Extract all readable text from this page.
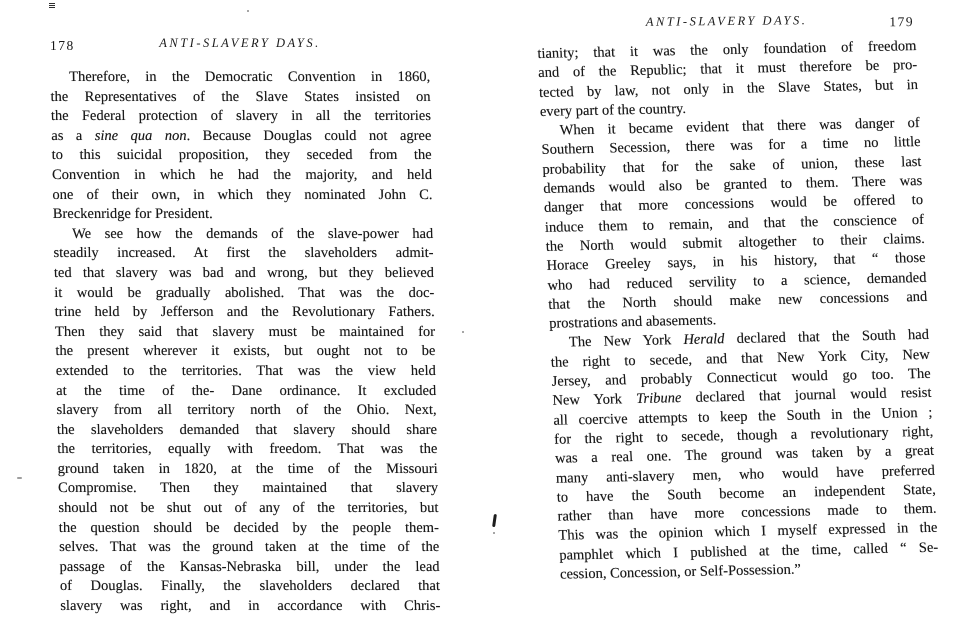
178	ANTI-SLAVERY DAYS.
Therefore, in the Democratic Convention in 1860,
the Representatives of the Slave States insisted on
the Federal protection of slavery in all the territories
as a sine qua non. Because Douglas could not agree
to this suicidal proposition, they seceded from the
Convention in which he had the majority, and held
one of their own, in which they nominated John C.
Breckenridge for President.
We see how the demands of the slave-power had
steadily increased. At first the slaveholders admit-
ted that slavery was bad and wrong, but they believed
it would be gradually abolished. That was the doc-
trine held by Jefferson and the Revolutionary Fathers.
Then they said that slavery must be maintained for
the present wherever it exists, but ought not to be
extended to the territories. That was the view held
at the time of the- Dane ordinance. It excluded
slavery from all territory north of the Ohio. Next,
the slaveholders demanded that slavery should share
the territories, equally with freedom. That was the
ground taken in 1820, at the time of the Missouri
Compromise. Then they maintained that slavery
should not be shut out of any of the territories, but
the question should be decided by the people them-
selves. That was the ground taken at the time of the
passage of the Kansas-Nebraska bill, under the lead
of Douglas. Finally, the slaveholders declared that
slavery was right, and in accordance with Chris-
179
ANTI-SLAVERY DAYS.
tianity; that it was the only foundation of freedom
and of the Republic; that it must therefore be pro-
tected by law, not only in the Slave States, but in
every part of the country.
When it became evident that there was danger of
Southern Secession, there was for a time no little
probability that for the sake of union, these last
demands would also be granted to them. There was
danger that more concessions would be offered to
induce them to remain, and that the conscience of
the North would submit altogether to their claims.
Horace Greeley says, in his history, that “ those
who had reduced servility to a science, demanded
that the North should make new concessions and
prostrations and abasements.
The New York Herald declared that the South had
the right to secede, and that New York City, New
Jersey, and probably Connecticut would go too. The
New York Tribune declared that journal would resist
all coercive attempts to keep the South in the Union ;
for the right to secede, though a revolutionary right,
was a real one. The ground was taken by a great
many anti-slavery men, who would have preferred
to have the South become an independent State,
rather than have more concessions made to them.
This was the opinion which I myself expressed in the
pamphlet which I published at the time, called “ Se-
cession, Concession, or Self-Possession.”
